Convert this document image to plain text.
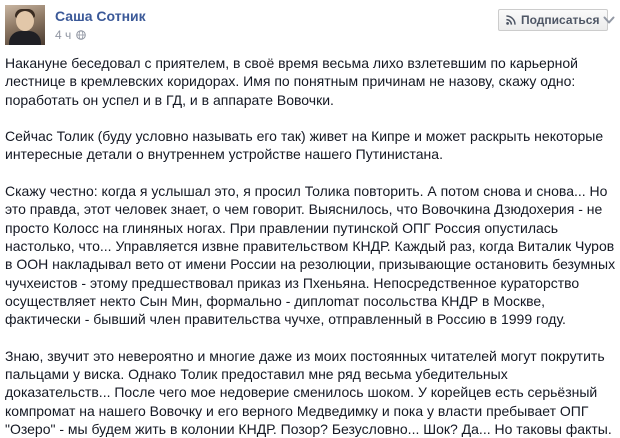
Саша Сотник
4 ч
Подписаться

Накануне беседовал с приятелем, в своё время весьма лихо взлетевшим по карьерной лестнице в кремлевских коридорах. Имя по понятным причинам не назову, скажу одно: поработать он успел и в ГД, и в аппарате Вовочки.

Сейчас Толик (буду условно называть его так) живет на Кипре и может раскрыть некоторые интересные детали о внутреннем устройстве нашего Путинистана.

Скажу честно: когда я услышал это, я просил Толика повторить. А потом снова и снова... Но это правда, этот человек знает, о чем говорит. Выяснилось, что Вовочкина Дзюдохерия - не просто Колосс на глиняных ногах. При правлении путинской ОПГ Россия опустилась настолько, что... Управляется извне правительством КНДР. Каждый раз, когда Виталик Чуров в ООН накладывал вето от имени России на резолюции, призывающие остановить безумных чучхеистов - этому предшествовал приказ из Пхеньяна. Непосредственное кураторство осуществляет некто Сын Мин, формально - диплomат посольства КНДР в Москве, фактически - бывший член правительства чучхе, отправленный в Россию в 1999 году.

Знаю, звучит это невероятно и многие даже из моих постоянных читателей могут покрутить пальцами у виска. Однако Толик предоставил мне ряд весьма убедительных доказательств... После чего мое недоверие сменилось шоком. У корейцев есть серьёзный компромат на нашего Вовочку и его верного Медведимку и пока у власти пребывает ОПГ "Озеро" - мы будем жить в колонии КНДР. Позор? Безусловно... Шок? Да... Но таковы факты.
